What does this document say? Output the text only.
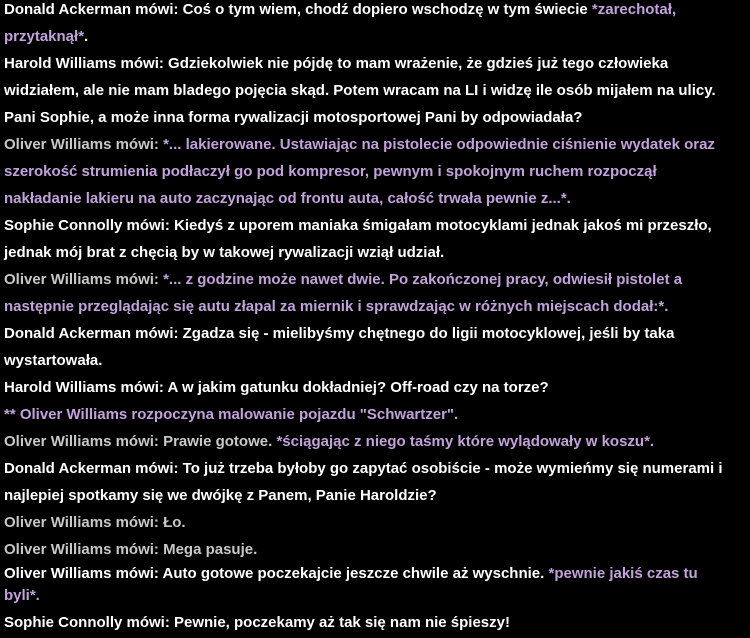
Donald Ackerman mówi: Coś o tym wiem, chodź dopiero wschodzę w tym świecie *zarechotał,
przytaknął*.
Harold Williams mówi: Gdziekolwiek nie pójdę to mam wrażenie, że gdzieś już tego człowieka
widziałem, ale nie mam bladego pojęcia skąd. Potem wracam na LI i widzę ile osób mijałem na ulicy.
Pani Sophie, a może inna forma rywalizacji motosportowej Pani by odpowiadała?
Oliver Williams mówi: *... lakierowane. Ustawiając na pistolecie odpowiednie ciśnienie wydatek oraz
szerokość strumienia podłaczył go pod kompresor, pewnym i spokojnym ruchem rozpoczął
nakładanie lakieru na auto zaczynając od frontu auta, całość trwała pewnie z...*.
Sophie Connolly mówi: Kiedyś z uporem maniaka śmigałam motocyklami jednak jakoś mi przeszło,
jednak mój brat z chęcią by w takowej rywalizacji wziął udział.
Oliver Williams mówi: *... z godzine może nawet dwie. Po zakończonej pracy, odwiesił pistolet a
następnie przeglądając się autu złapal za miernik i sprawdzając w różnych miejscach dodał:*.
Donald Ackerman mówi: Zgadza się - mielibyśmy chętnego do ligii motocyklowej, jeśli by taka
wystartowała.
Harold Williams mówi: A w jakim gatunku dokładniej? Off-road czy na torze?
** Oliver Williams rozpoczyna malowanie pojazdu "Schwartzer".
Oliver Williams mówi: Prawie gotowe. *ściągając z niego taśmy które wylądowały w koszu*.
Donald Ackerman mówi: To już trzeba byłoby go zapytać osobiście - może wymieńmy się numerami i
najlepiej spotkamy się we dwójkę z Panem, Panie Haroldzie?
Oliver Williams mówi: Ło.
Oliver Williams mówi: Mega pasuje.
Oliver Williams mówi: Auto gotowe poczekajcie jeszcze chwile aż wyschnie. *pewnie jakiś czas tu
byli*.
Sophie Connolly mówi: Pewnie, poczekamy aż tak się nam nie śpieszy!
